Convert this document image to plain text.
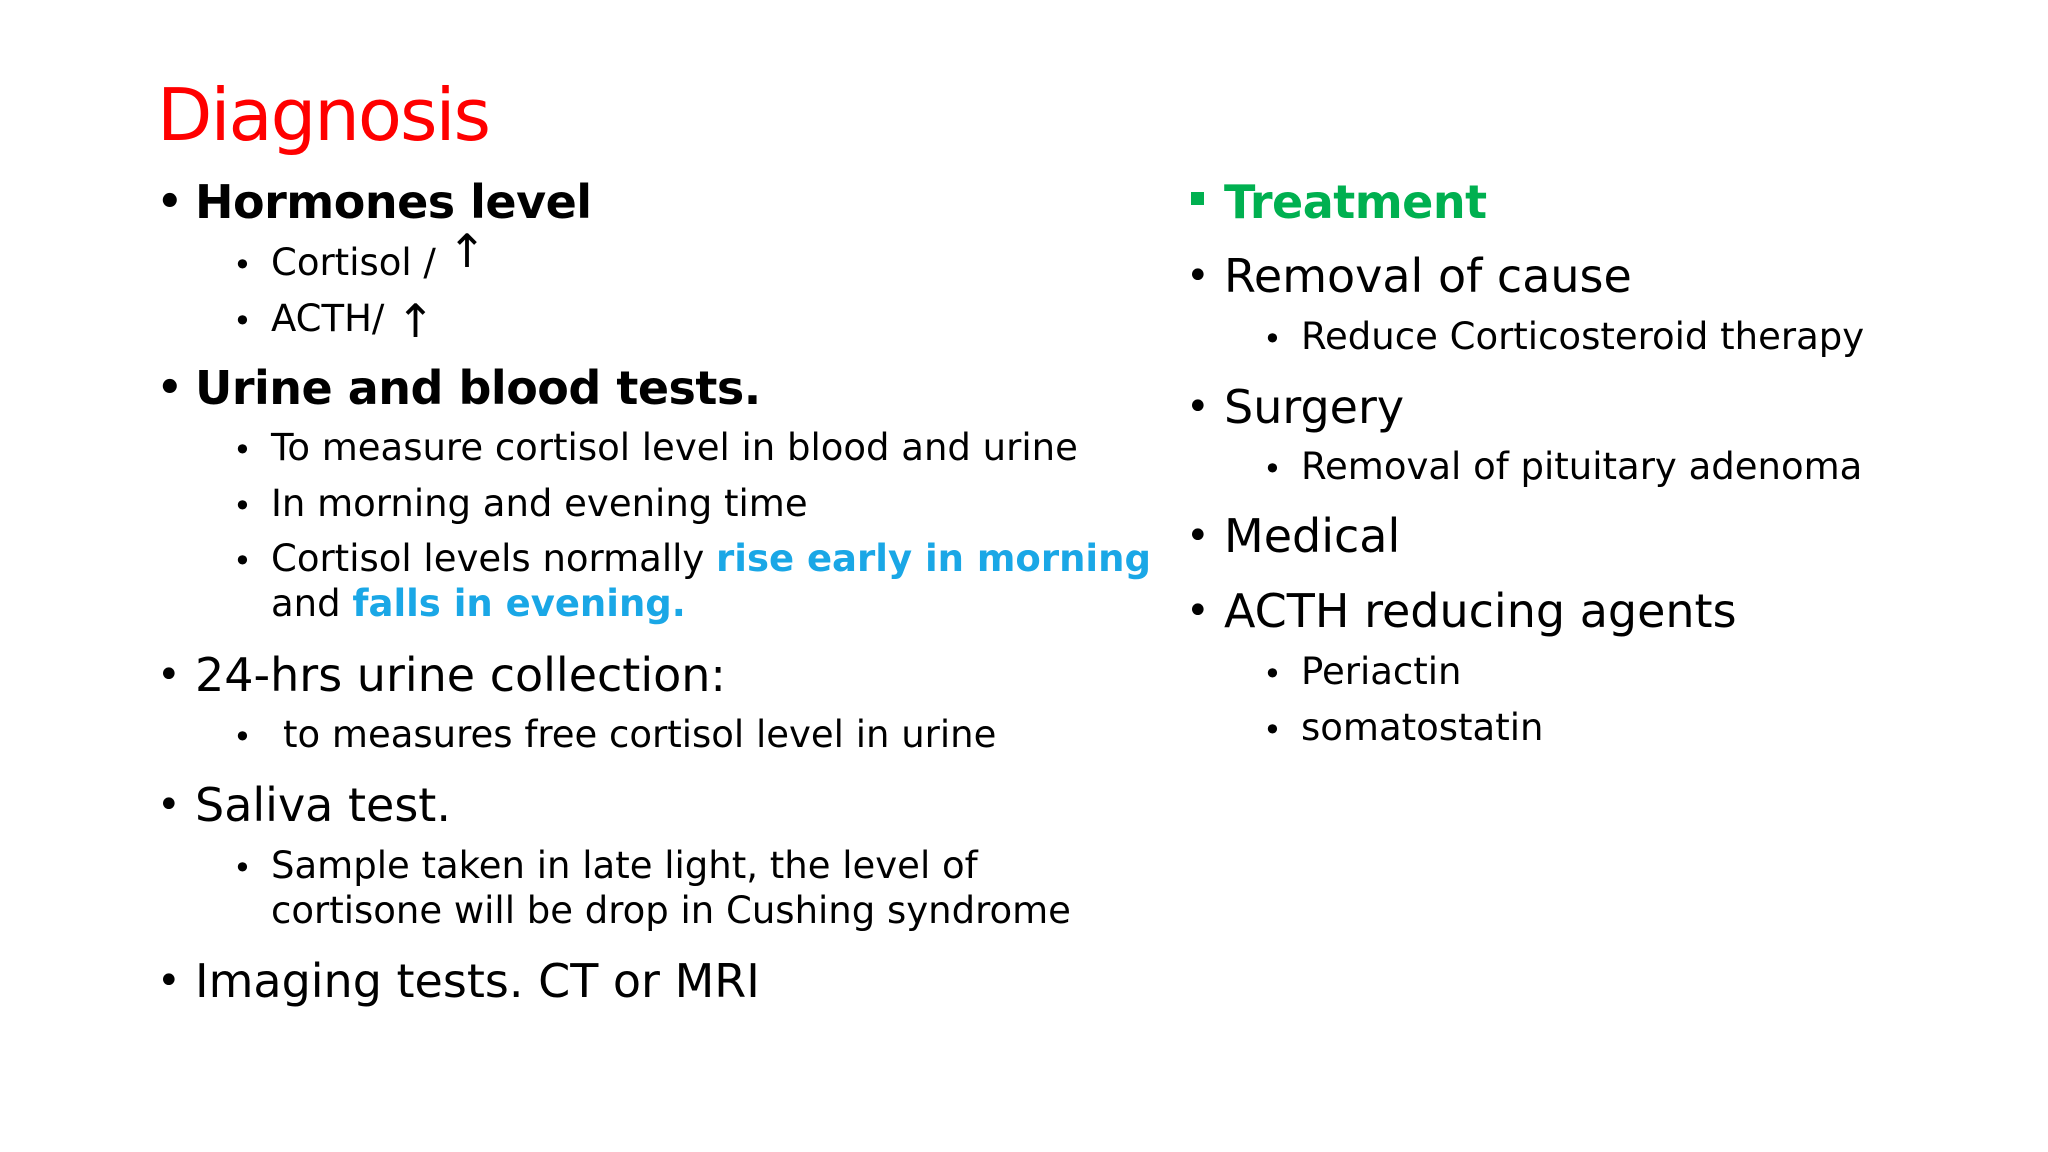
Diagnosis
• Hormones level
• Cortisol / ↑
• ACTH/ ↑
• Urine and blood tests.
• To measure cortisol level in blood and urine
• In morning and evening time
• Cortisol levels normally rise early in morning
and falls in evening.
• 24-hrs urine collection:
• to measures free cortisol level in urine
• Saliva test.
• Sample taken in late light, the level of
cortisone will be drop in Cushing syndrome
• Imaging tests. CT or MRI
Treatment
• Removal of cause
• Reduce Corticosteroid therapy
• Surgery
• Removal of pituitary adenoma
• Medical
• ACTH reducing agents
• Periactin
• somatostatin
